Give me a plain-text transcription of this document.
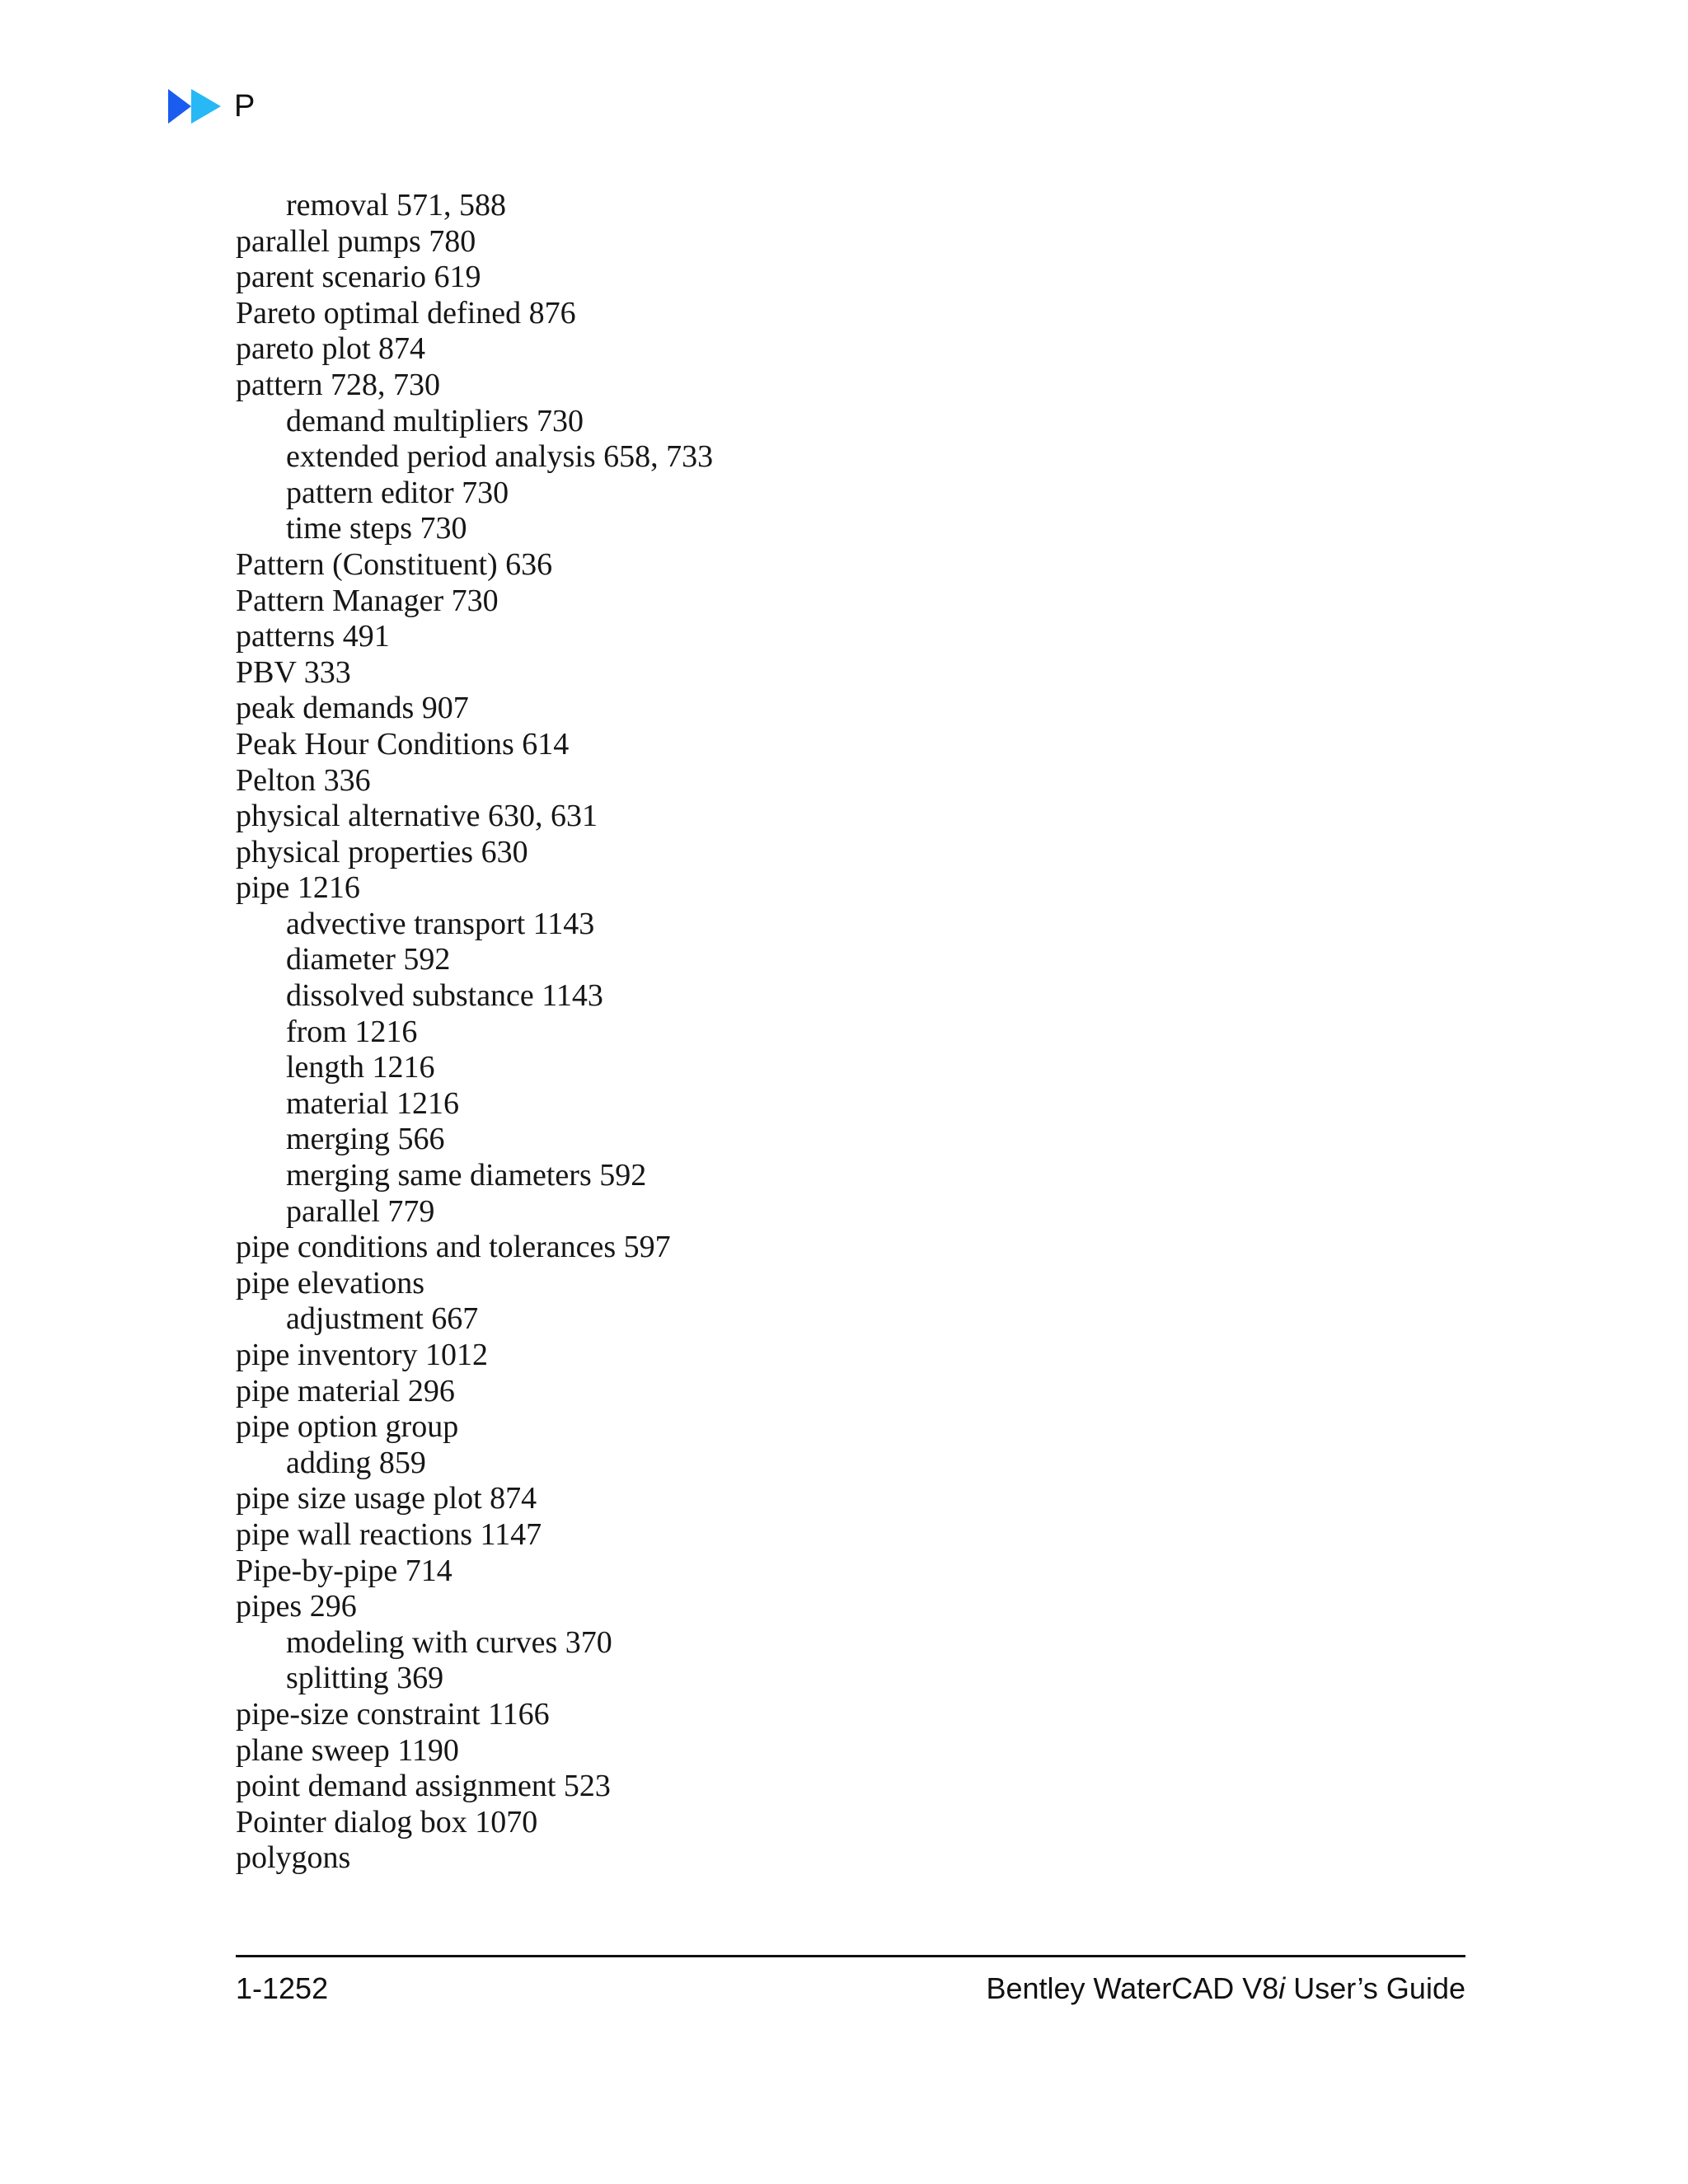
P
removal 571, 588
parallel pumps 780
parent scenario 619
Pareto optimal defined 876
pareto plot 874
pattern 728, 730
demand multipliers 730
extended period analysis 658, 733
pattern editor 730
time steps 730
Pattern (Constituent) 636
Pattern Manager 730
patterns 491
PBV 333
peak demands 907
Peak Hour Conditions 614
Pelton 336
physical alternative 630, 631
physical properties 630
pipe 1216
advective transport 1143
diameter 592
dissolved substance 1143
from 1216
length 1216
material 1216
merging 566
merging same diameters 592
parallel 779
pipe conditions and tolerances 597
pipe elevations
adjustment 667
pipe inventory 1012
pipe material 296
pipe option group
adding 859
pipe size usage plot 874
pipe wall reactions 1147
Pipe-by-pipe 714
pipes 296
modeling with curves 370
splitting 369
pipe-size constraint 1166
plane sweep 1190
point demand assignment 523
Pointer dialog box 1070
polygons
1-1252	Bentley WaterCAD V8i User’s Guide
